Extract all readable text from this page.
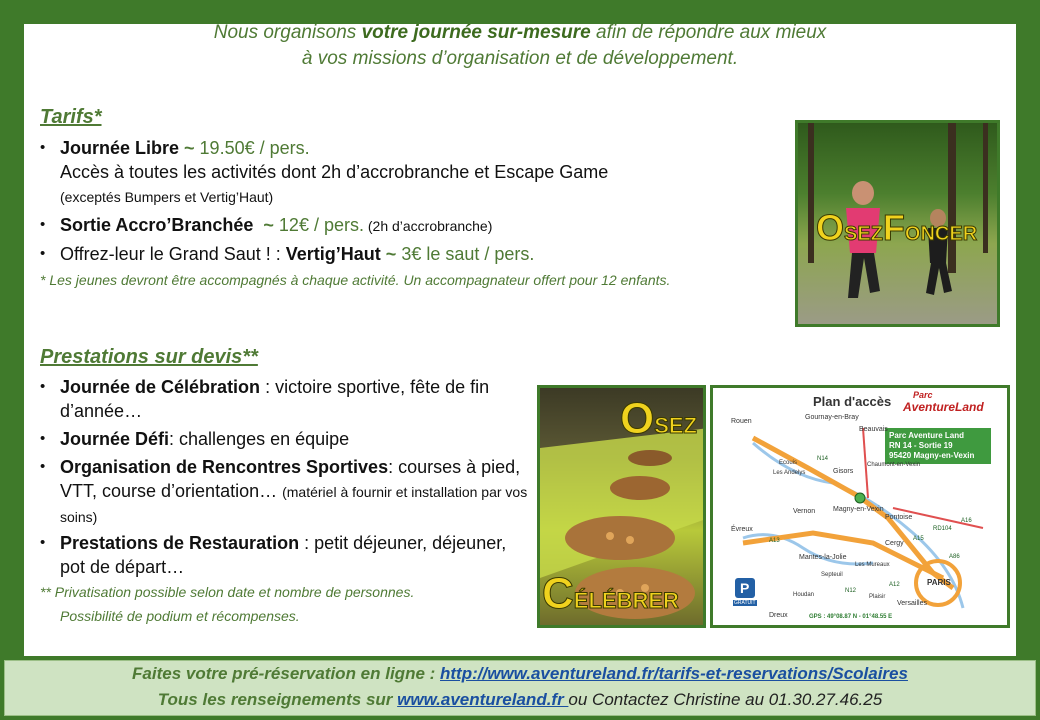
Nous organisons votre journée sur-mesure afin de répondre aux mieux
à vos missions d’organisation et de développement.
Tarifs*
• Journée Libre ~ 19.50€ / pers.
Accès à toutes les activités dont 2h d’accrobranche et Escape Game
(exceptés Bumpers et Vertig’Haut)
• Sortie Accro’Branchée  ~ 12€ / pers. (2h d’accrobranche)
• Offrez-leur le Grand Saut ! : Vertig’Haut ~ 3€ le saut / pers.
* Les jeunes devront être accompagnés à chaque activité. Un accompagnateur offert pour 12 enfants.
Prestations sur devis**
• Journée de Célébration : victoire sportive, fête de fin d’année…
• Journée Défi: challenges en équipe
• Organisation de Rencontres Sportives: courses à pied, VTT, course d’orientation… (matériel à fournir et installation par vos soins)
• Prestations de Restauration : petit déjeuner, déjeuner, pot de départ…
** Privatisation possible selon date et nombre de personnes.
Possibilité de podium et récompenses.
OSEZFONCER
OSEZ
CÉLÉBRER	P
Plan d'accès Parc
AventureLand
Parc Aventure Land
RN 14 - Sortie 19
95420 Magny-en-Vexin
Rouen
Gournay-en-Bray
Beauvais
Gisors
Chaumont-en-Vexin
Magny-en-Vexin
Ecouis
Les Andelys
Vernon
Pontoise
Évreux
Mantes-la-Jolie
Cergy
PARIS
Versailles
Dreux
Houdan
Septeuil
Les Mureaux
Plaisir
N14
A13	A15
A16
A86
RD104
N12
A12
GRATUIT
GPS : 49°08.87 N - 01°48.55 E
Faites votre pré-réservation en ligne : http://www.aventureland.fr/tarifs-et-reservations/Scolaires
Tous les renseignements sur www.aventureland.fr ou Contactez Christine au 01.30.27.46.25
